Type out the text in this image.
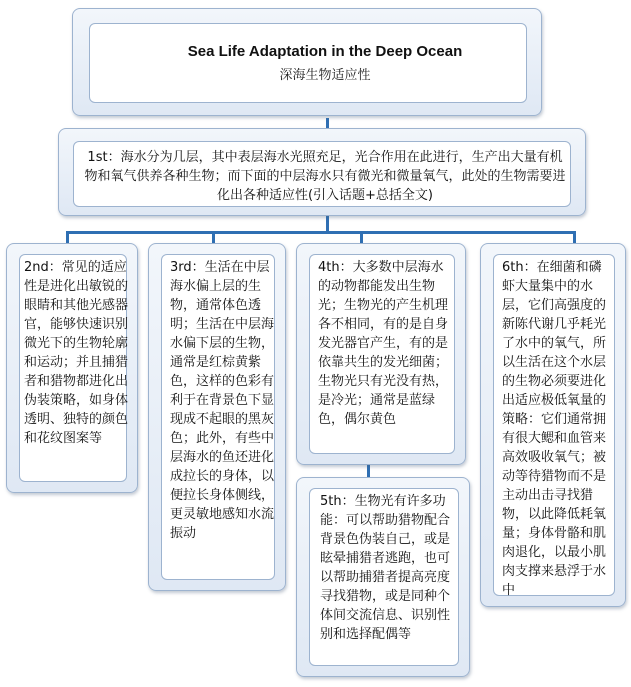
Sea Life Adaptation in the Deep Ocean
深海生物适应性
1st：海水分为几层，其中表层海水光照充足，光合作用在此进行，生产出大量有机物和氧气供养各种生物；而下面的中层海水只有微光和微量氧气，此处的生物需要进化出各种适应性(引入话题+总括全文)
2nd：常见的适应性是进化出敏锐的眼睛和其他光感器官，能够快速识别微光下的生物轮廓和运动；并且捕猎者和猎物都进化出伪装策略，如身体透明、独特的颜色和花纹图案等
3rd：生活在中层海水偏上层的生物，通常体色透明；生活在中层海水偏下层的生物，通常是红棕黄紫色，这样的色彩有利于在背景色下显现成不起眼的黑灰色；此外，有些中层海水的鱼还进化成拉长的身体，以便拉长身体侧线，更灵敏地感知水流振动
4th：大多数中层海水的动物都能发出生物光；生物光的产生机理各不相同，有的是自身发光器官产生，有的是依靠共生的发光细菌；生物光只有光没有热，是冷光；通常是蓝绿色，偶尔黄色
5th：生物光有许多功能：可以帮助猎物配合背景色伪装自己，或是眩晕捕猎者逃跑，也可以帮助捕猎者提高亮度寻找猎物，或是同种个体间交流信息、识别性别和选择配偶等
6th：在细菌和磷虾大量集中的水层，它们高强度的新陈代谢几乎耗光了水中的氧气，所以生活在这个水层的生物必须要进化出适应极低氧量的策略：它们通常拥有很大鳃和血管来高效吸收氧气；被动等待猎物而不是主动出击寻找猎物，以此降低耗氧量；身体骨骼和肌肉退化，以最小肌肉支撑来悬浮于水中
